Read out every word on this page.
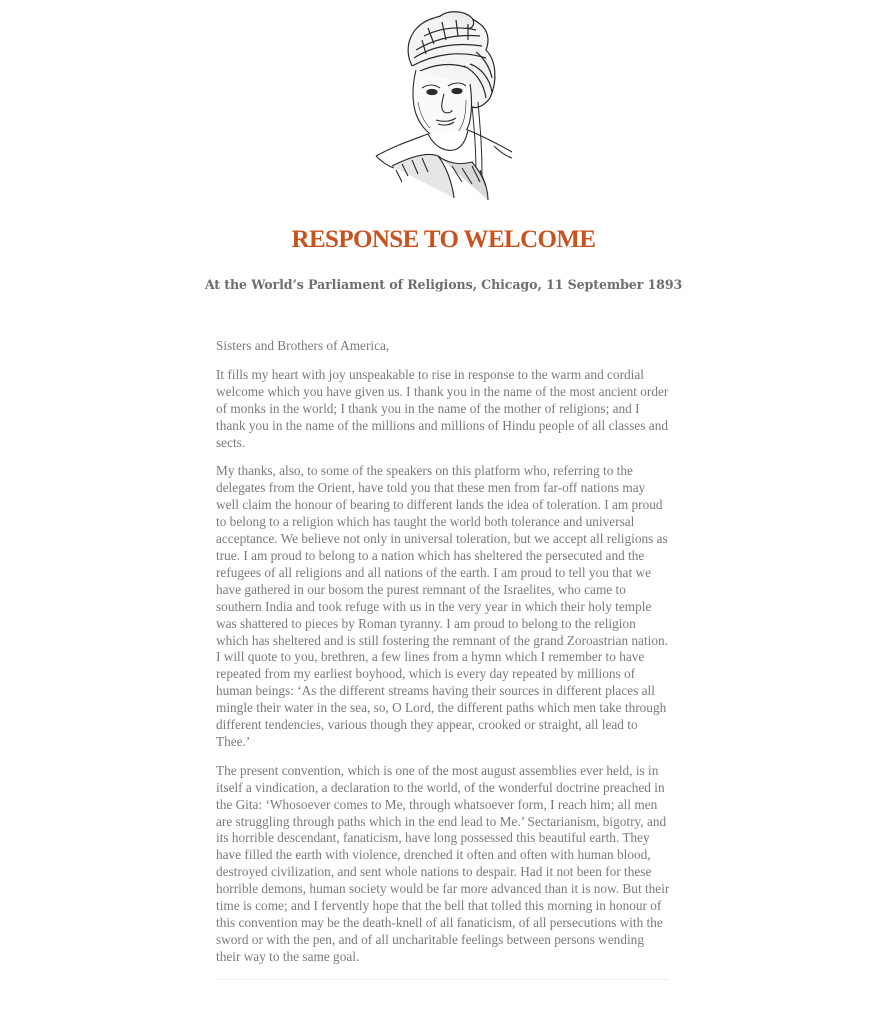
RESPONSE TO WELCOME
At the World’s Parliament of Religions, Chicago, 11 September 1893

Sisters and Brothers of America,

It fills my heart with joy unspeakable to rise in response to the warm and cordial welcome which you have given us. I thank you in the name of the most ancient order of monks in the world; I thank you in the name of the mother of religions; and I thank you in the name of the millions and millions of Hindu people of all classes and sects.

My thanks, also, to some of the speakers on this platform who, referring to the delegates from the Orient, have told you that these men from far-off nations may well claim the honour of bearing to different lands the idea of toleration. I am proud to belong to a religion which has taught the world both tolerance and universal acceptance. We believe not only in universal toleration, but we accept all religions as true. I am proud to belong to a nation which has sheltered the persecuted and the refugees of all religions and all nations of the earth. I am proud to tell you that we have gathered in our bosom the purest remnant of the Israelites, who came to southern India and took refuge with us in the very year in which their holy temple was shattered to pieces by Roman tyranny. I am proud to belong to the religion which has sheltered and is still fostering the remnant of the grand Zoroastrian nation. I will quote to you, brethren, a few lines from a hymn which I remember to have repeated from my earliest boyhood, which is every day repeated by millions of human beings: ‘As the different streams having their sources in different places all mingle their water in the sea, so, O Lord, the different paths which men take through different tendencies, various though they appear, crooked or straight, all lead to Thee.’

The present convention, which is one of the most august assemblies ever held, is in itself a vindication, a declaration to the world, of the wonderful doctrine preached in the Gita: ‘Whosoever comes to Me, through whatsoever form, I reach him; all men are struggling through paths which in the end lead to Me.’ Sectarianism, bigotry, and its horrible descendant, fanaticism, have long possessed this beautiful earth. They have filled the earth with violence, drenched it often and often with human blood, destroyed civilization, and sent whole nations to despair. Had it not been for these horrible demons, human society would be far more advanced than it is now. But their time is come; and I fervently hope that the bell that tolled this morning in honour of this convention may be the death-knell of all fanaticism, of all persecutions with the sword or with the pen, and of all uncharitable feelings between persons wending their way to the same goal.
